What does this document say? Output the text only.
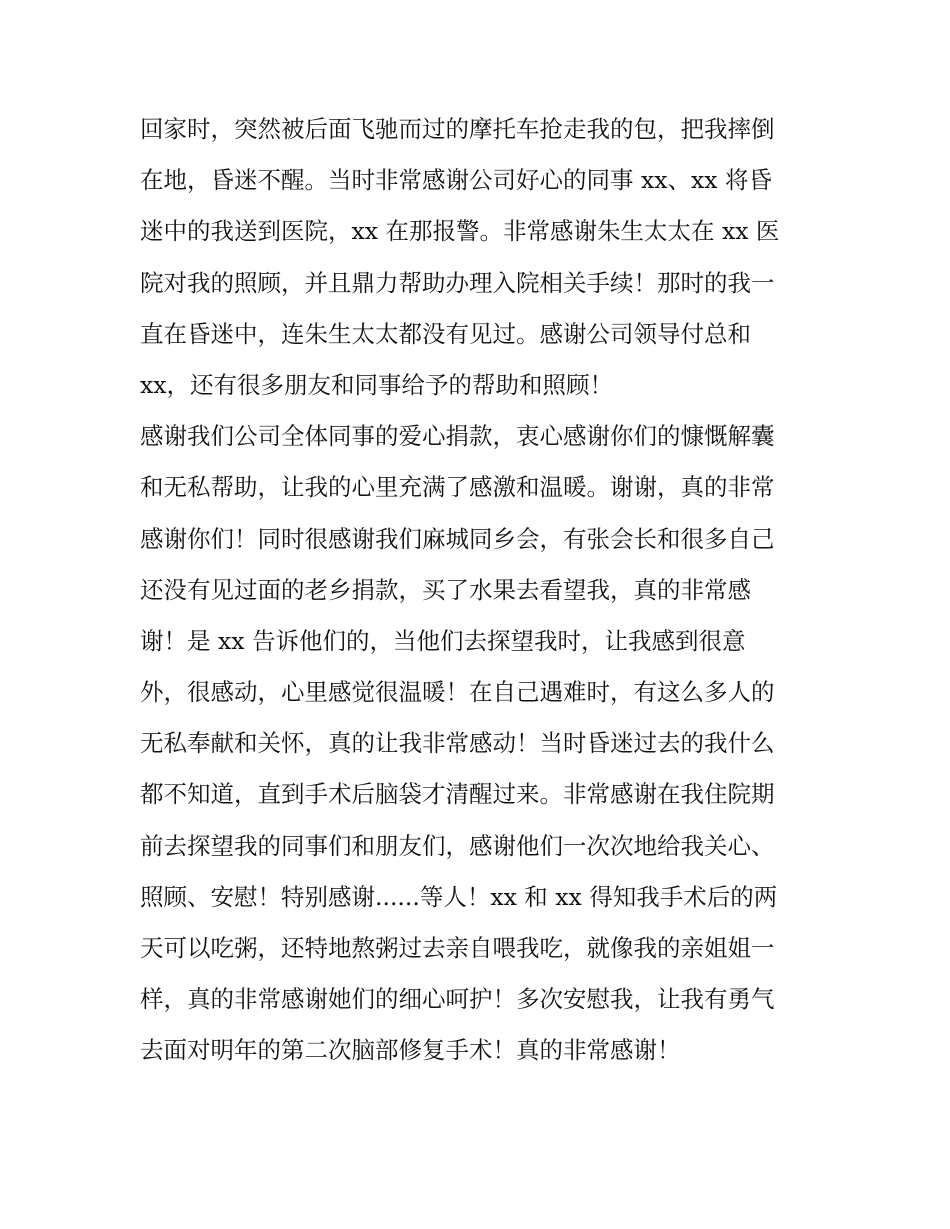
回家时，突然被后面飞驰而过的摩托车抢走我的包，把我摔倒
在地，昏迷不醒。当时非常感谢公司好心的同事 xx、xx 将昏
迷中的我送到医院，xx 在那报警。非常感谢朱生太太在 xx 医
院对我的照顾，并且鼎力帮助办理入院相关手续！那时的我一
直在昏迷中，连朱生太太都没有见过。感谢公司领导付总和
xx，还有很多朋友和同事给予的帮助和照顾！
感谢我们公司全体同事的爱心捐款，衷心感谢你们的慷慨解囊
和无私帮助，让我的心里充满了感激和温暖。谢谢，真的非常
感谢你们！同时很感谢我们麻城同乡会，有张会长和很多自己
还没有见过面的老乡捐款，买了水果去看望我，真的非常感
谢！是 xx 告诉他们的，当他们去探望我时，让我感到很意
外，很感动，心里感觉很温暖！在自己遇难时，有这么多人的
无私奉献和关怀，真的让我非常感动！当时昏迷过去的我什么
都不知道，直到手术后脑袋才清醒过来。非常感谢在我住院期
前去探望我的同事们和朋友们，感谢他们一次次地给我关心、
照顾、安慰！特别感谢......等人！xx 和 xx 得知我手术后的两
天可以吃粥，还特地熬粥过去亲自喂我吃，就像我的亲姐姐一
样，真的非常感谢她们的细心呵护！多次安慰我，让我有勇气
去面对明年的第二次脑部修复手术！真的非常感谢！
